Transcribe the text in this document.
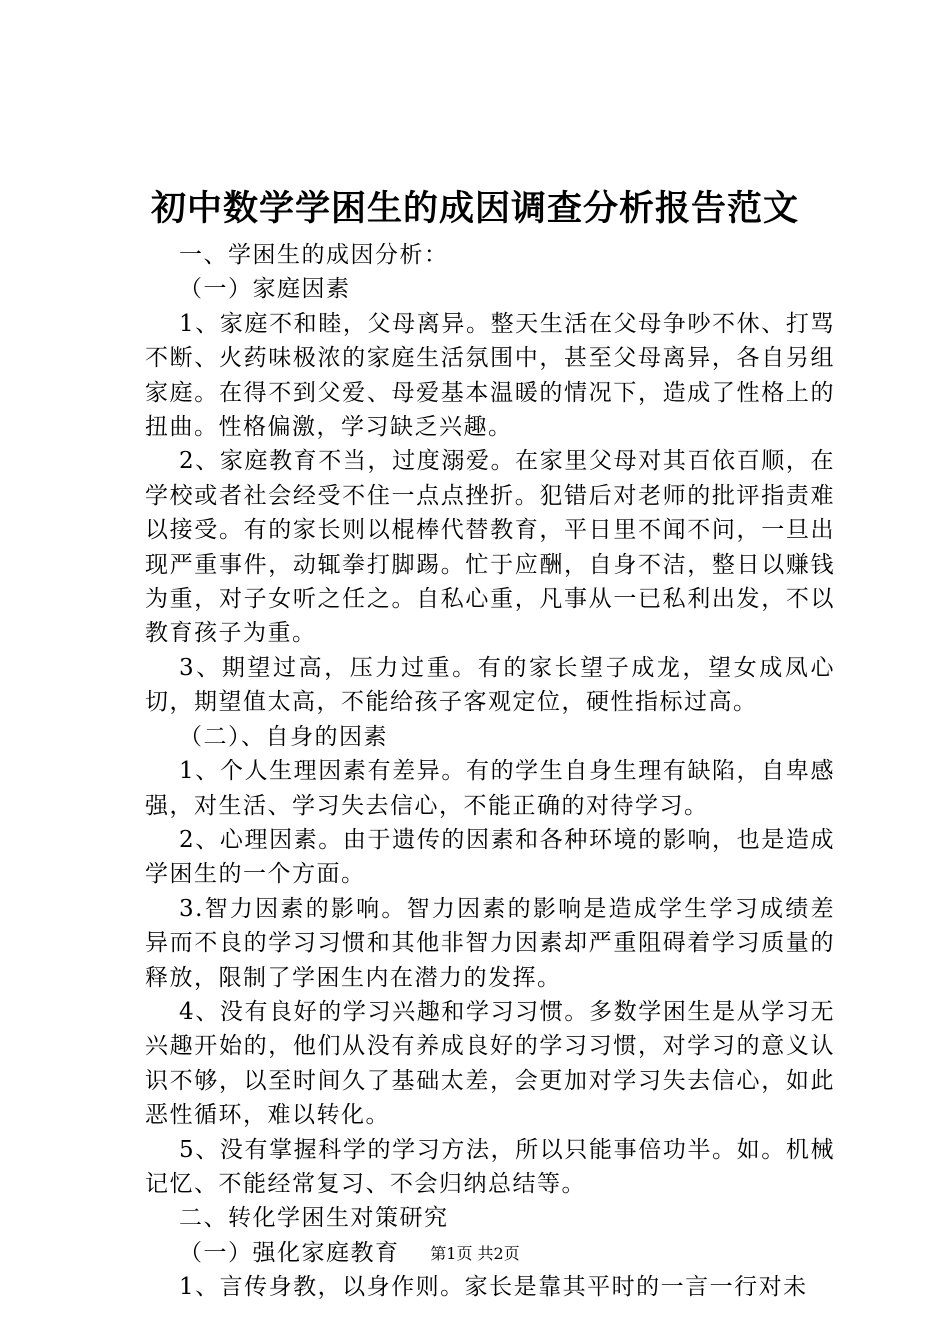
初中数学学困生的成因调查分析报告范文

一、学困生的成因分析：

（一）家庭因素

1、家庭不和睦，父母离异。整天生活在父母争吵不休、打骂不断、火药味极浓的家庭生活氛围中，甚至父母离异，各自另组家庭。在得不到父爱、母爱基本温暖的情况下，造成了性格上的扭曲。性格偏激，学习缺乏兴趣。

2、家庭教育不当，过度溺爱。在家里父母对其百依百顺，在学校或者社会经受不住一点点挫折。犯错后对老师的批评指责难以接受。有的家长则以棍棒代替教育，平日里不闻不问，一旦出现严重事件，动辄拳打脚踢。忙于应酬，自身不洁，整日以赚钱为重，对子女听之任之。自私心重，凡事从一已私利出发，不以教育孩子为重。

3、期望过高，压力过重。有的家长望子成龙，望女成凤心切，期望值太高，不能给孩子客观定位，硬性指标过高。

（二）、自身的因素

1、个人生理因素有差异。有的学生自身生理有缺陷，自卑感强，对生活、学习失去信心，不能正确的对待学习。

2、心理因素。由于遗传的因素和各种环境的影响，也是造成学困生的一个方面。

3.智力因素的影响。智力因素的影响是造成学生学习成绩差异而不良的学习习惯和其他非智力因素却严重阻碍着学习质量的释放，限制了学困生内在潜力的发挥。

4、没有良好的学习兴趣和学习习惯。多数学困生是从学习无兴趣开始的，他们从没有养成良好的学习习惯，对学习的意义认识不够，以至时间久了基础太差，会更加对学习失去信心，如此恶性循环，难以转化。

5、没有掌握科学的学习方法，所以只能事倍功半。如。机械记忆、不能经常复习、不会归纳总结等。

二、转化学困生对策研究

（一）强化家庭教育

1、言传身教，以身作则。家长是靠其平时的一言一行对未

第1页 共2页
